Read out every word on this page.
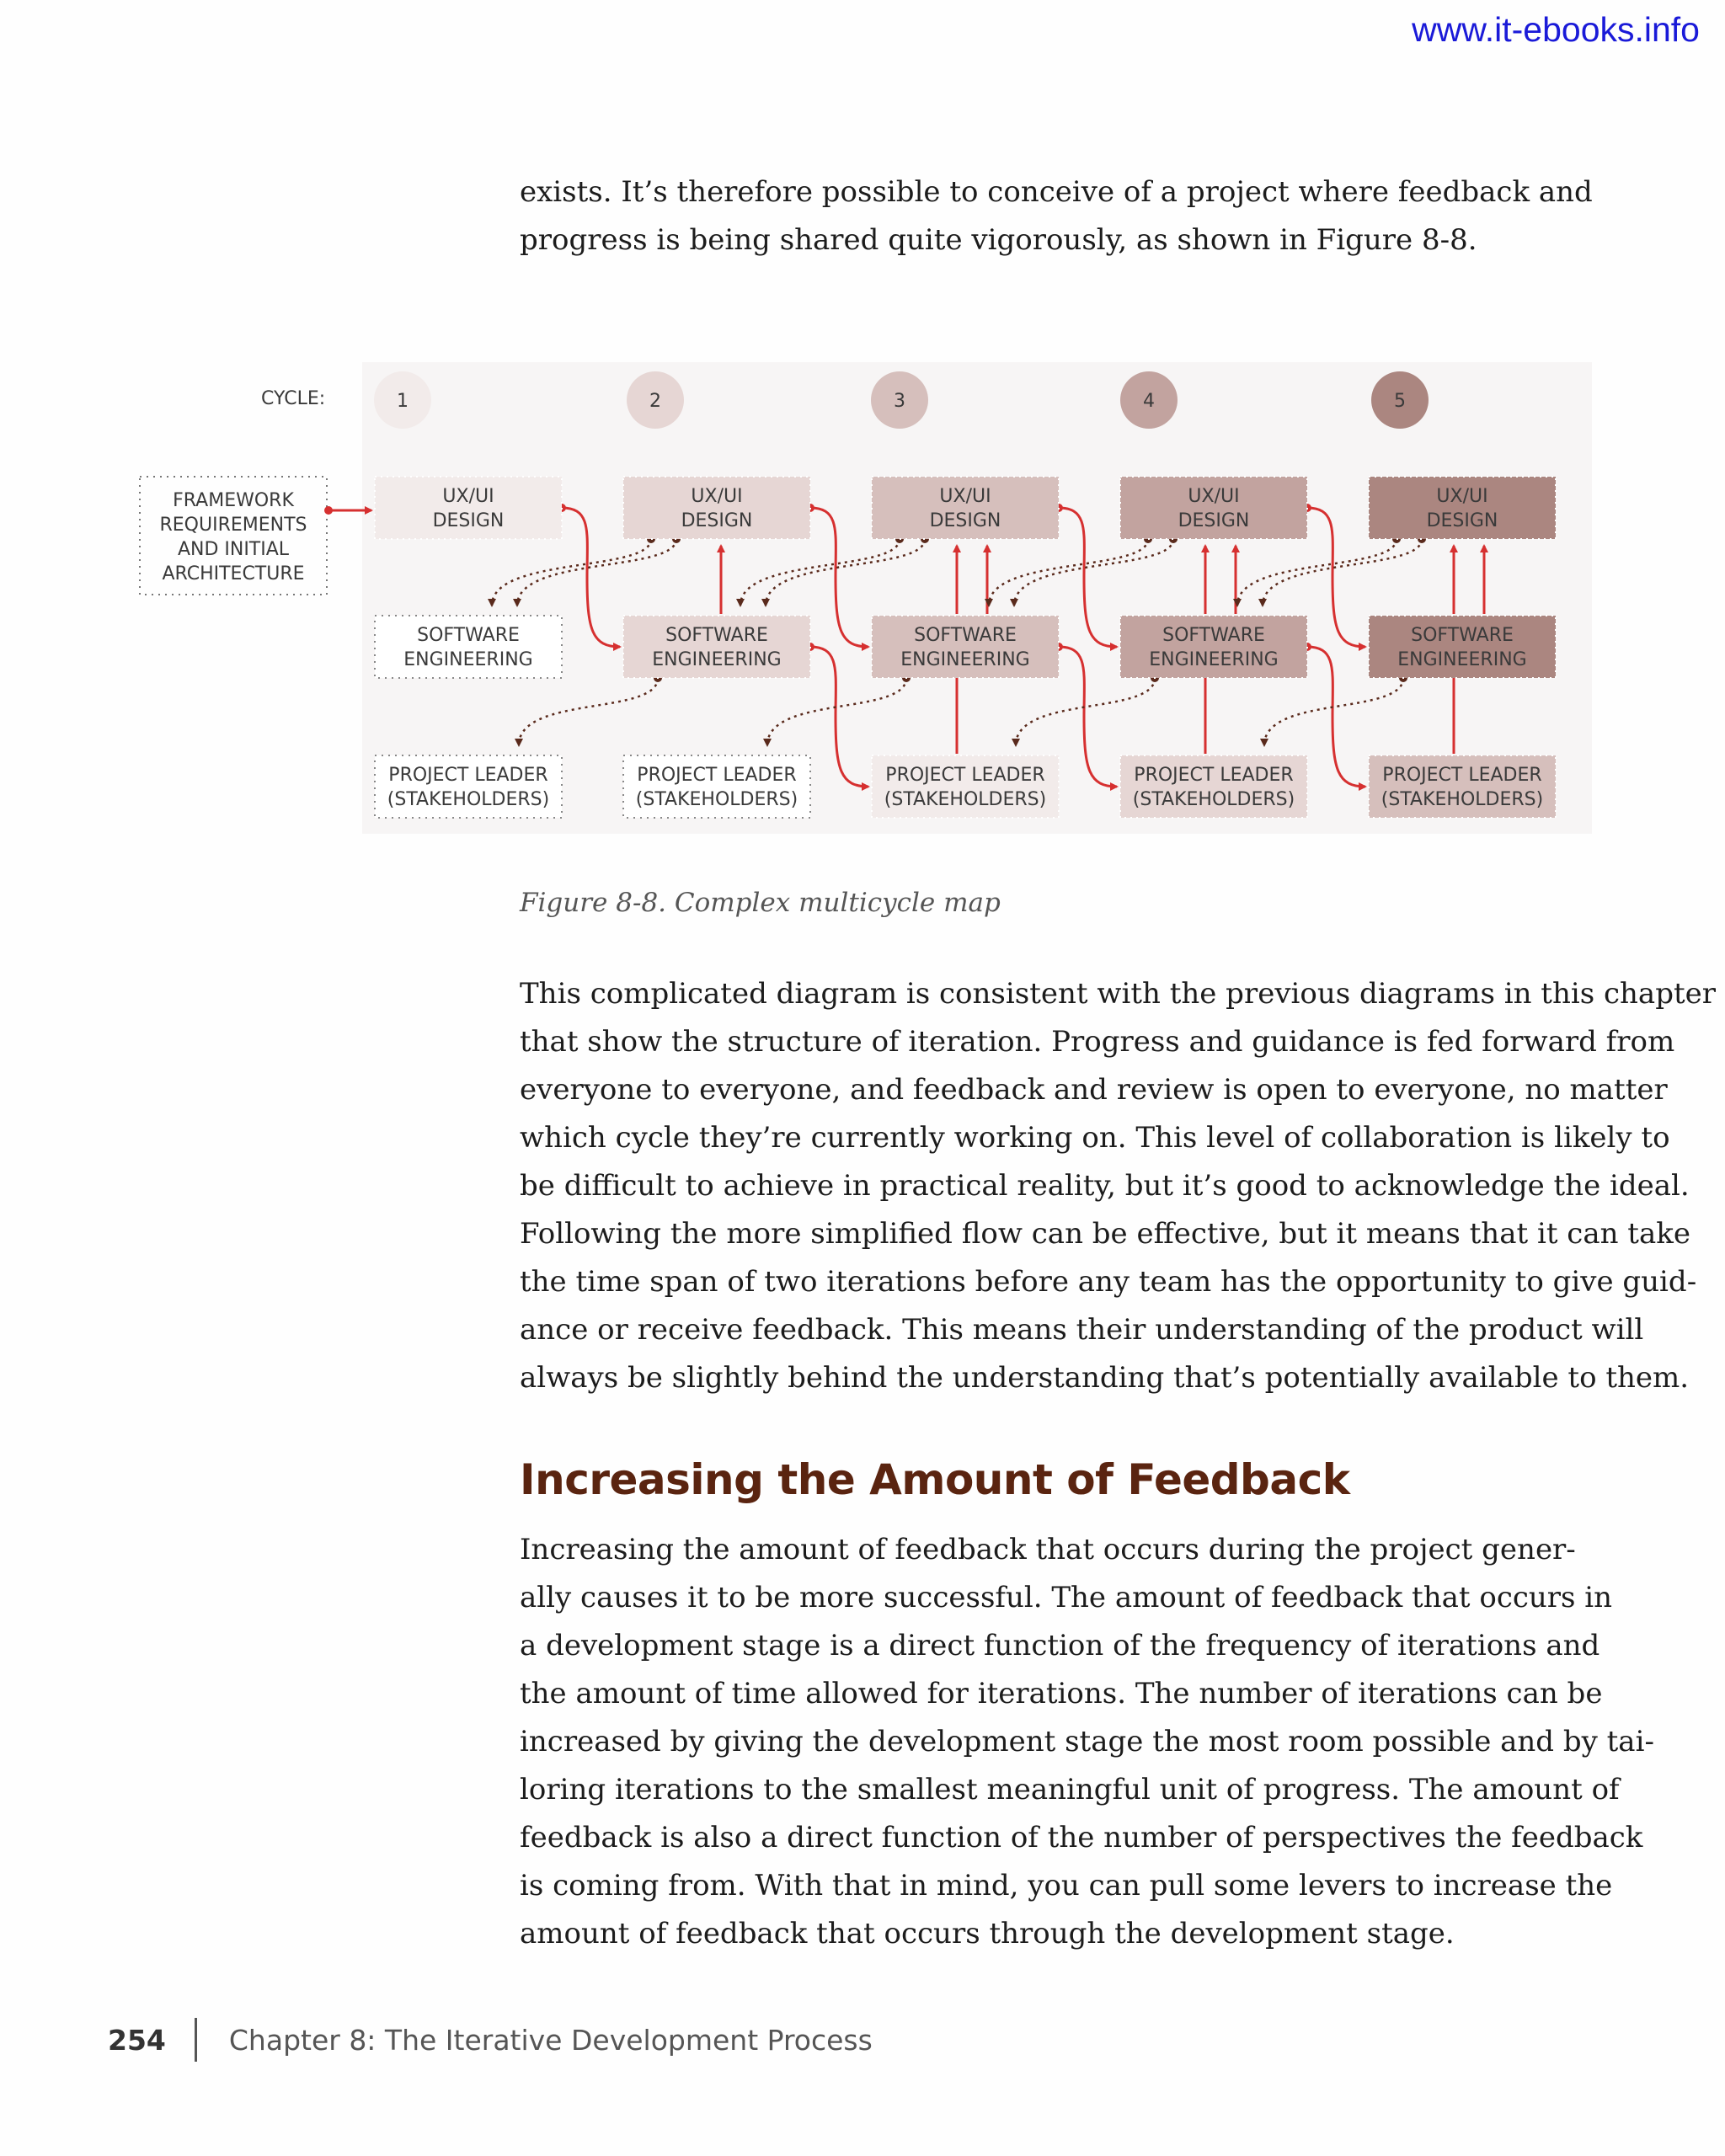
www.it-ebooks.info

exists. It’s therefore possible to conceive of a project where feedback and
progress is being shared quite vigorously, as shown in Figure 8-8.

CYCLE:	1	2	3	4	5
FRAMEWORK
REQUIREMENTS
AND INITIAL
ARCHITECTURE
UX/UI
DESIGN
UX/UI
DESIGN
UX/UI
DESIGN
UX/UI
DESIGN
UX/UI
DESIGN
SOFTWARE
ENGINEERING
SOFTWARE
ENGINEERING
SOFTWARE
ENGINEERING
SOFTWARE
ENGINEERING
SOFTWARE
ENGINEERING
PROJECT LEADER
(STAKEHOLDERS)
PROJECT LEADER
(STAKEHOLDERS)
PROJECT LEADER
(STAKEHOLDERS)
PROJECT LEADER
(STAKEHOLDERS)
PROJECT LEADER
(STAKEHOLDERS)
Figure 8-8. Complex multicycle map

This complicated diagram is consistent with the previous diagrams in this chapter
that show the structure of iteration. Progress and guidance is fed forward from
everyone to everyone, and feedback and review is open to everyone, no matter
which cycle they’re currently working on. This level of collaboration is likely to
be difficult to achieve in practical reality, but it’s good to acknowledge the ideal.
Following the more simplified flow can be effective, but it means that it can take
the time span of two iterations before any team has the opportunity to give guid-
ance or receive feedback. This means their understanding of the product will
always be slightly behind the understanding that’s potentially available to them.

Increasing the Amount of Feedback

Increasing the amount of feedback that occurs during the project gener-
ally causes it to be more successful. The amount of feedback that occurs in
a development stage is a direct function of the frequency of iterations and
the amount of time allowed for iterations. The number of iterations can be
increased by giving the development stage the most room possible and by tai-
loring iterations to the smallest meaningful unit of progress. The amount of
feedback is also a direct function of the number of perspectives the feedback
is coming from. With that in mind, you can pull some levers to increase the
amount of feedback that occurs through the development stage.

254 Chapter 8: The Iterative Development Process
